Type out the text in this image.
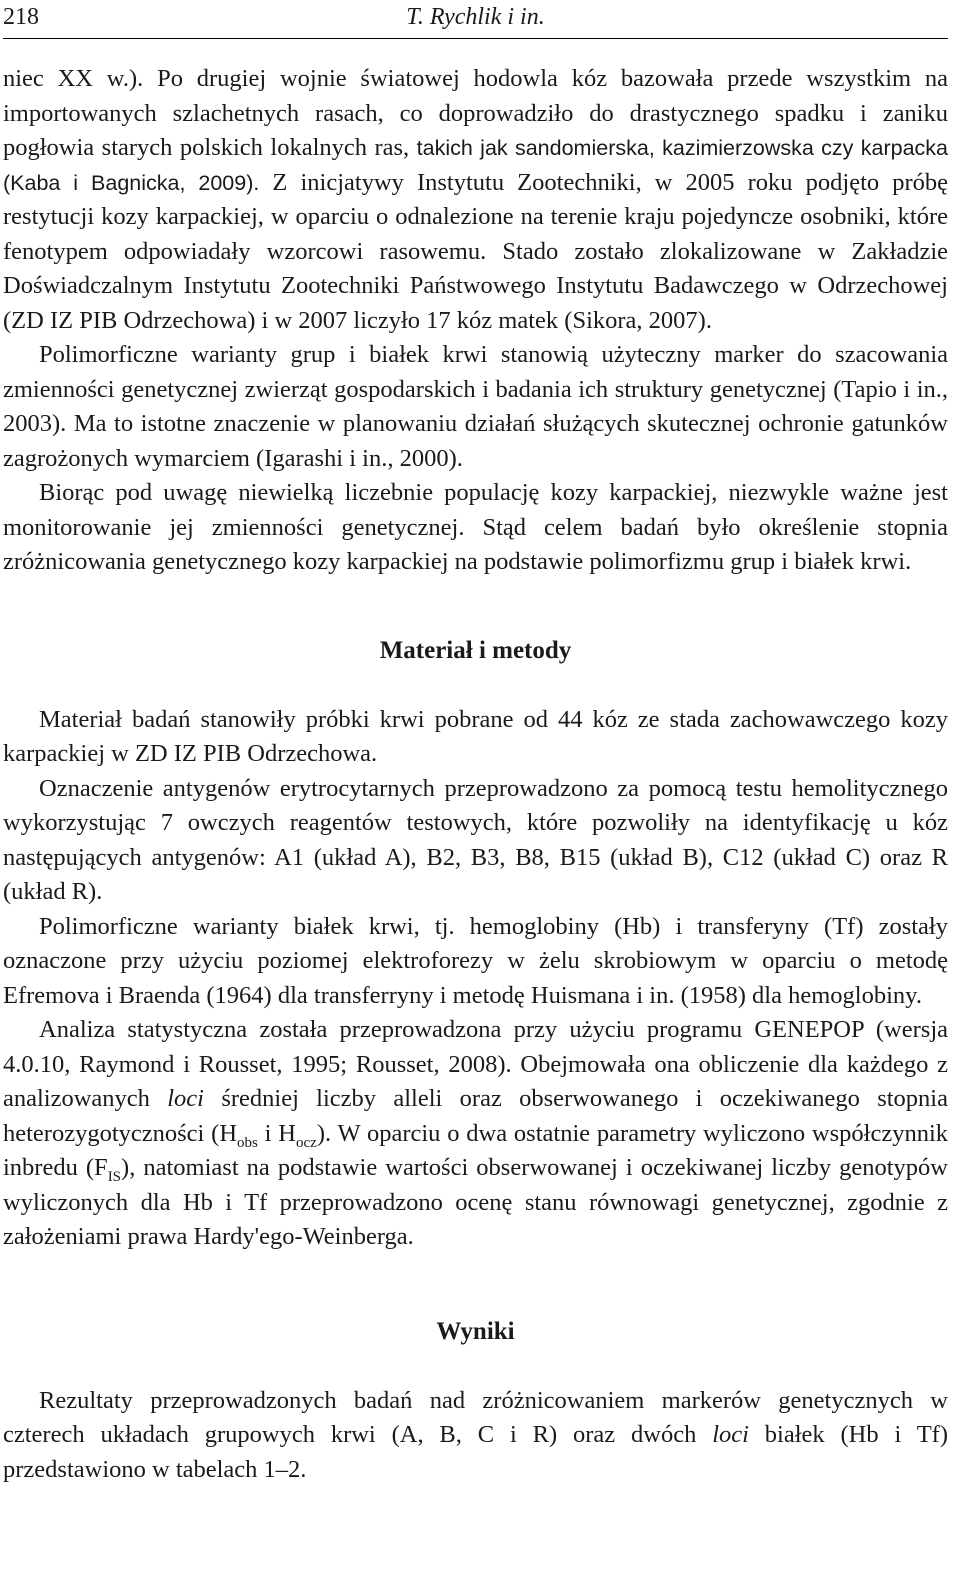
218	T. Rychlik i in.

niec XX w.). Po drugiej wojnie światowej hodowla kóz bazowała przede wszystkim na importowanych szlachetnych rasach, co doprowadziło do drastycznego spadku i zaniku pogłowia starych polskich lokalnych ras, takich jak sandomierska, kazimierzowska czy karpacka (Kaba i Bagnicka, 2009). Z inicjatywy Instytutu Zootechniki, w 2005 roku podjęto próbę restytucji kozy karpackiej, w oparciu o odnalezione na terenie kraju pojedyncze osobniki, które fenotypem odpowiadały wzorcowi rasowemu. Stado zostało zlokalizowane w Zakładzie Doświadczalnym Instytutu Zootechniki Państwowego Instytutu Badawczego w Odrzechowej (ZD IZ PIB Odrzechowa) i w 2007 liczyło 17 kóz matek (Sikora, 2007).

Polimorficzne warianty grup i białek krwi stanowią użyteczny marker do szacowania zmienności genetycznej zwierząt gospodarskich i badania ich struktury genetycznej (Tapio i in., 2003). Ma to istotne znaczenie w planowaniu działań służących skutecznej ochronie gatunków zagrożonych wymarciem (Igarashi i in., 2000).

Biorąc pod uwagę niewielką liczebnie populację kozy karpackiej, niezwykle ważne jest monitorowanie jej zmienności genetycznej. Stąd celem badań było określenie stopnia zróżnicowania genetycznego kozy karpackiej na podstawie polimorfizmu grup i białek krwi.

Materiał i metody

Materiał badań stanowiły próbki krwi pobrane od 44 kóz ze stada zachowawczego kozy karpackiej w ZD IZ PIB Odrzechowa.

Oznaczenie antygenów erytrocytarnych przeprowadzono za pomocą testu hemolitycznego wykorzystując 7 owczych reagentów testowych, które pozwoliły na identyfikację u kóz następujących antygenów: A1 (układ A), B2, B3, B8, B15 (układ B), C12 (układ C) oraz R (układ R).

Polimorficzne warianty białek krwi, tj. hemoglobiny (Hb) i transferyny (Tf) zostały oznaczone przy użyciu poziomej elektroforezy w żelu skrobiowym w oparciu o metodę Efremova i Braenda (1964) dla transferryny i metodę Huismana i in. (1958) dla hemoglobiny.

Analiza statystyczna została przeprowadzona przy użyciu programu GENEPOP (wersja 4.0.10, Raymond i Rousset, 1995; Rousset, 2008). Obejmowała ona obliczenie dla każdego z analizowanych loci średniej liczby alleli oraz obserwowanego i oczekiwanego stopnia heterozygotyczności ($H_{obs}$ i $H_{ocz}$). W oparciu o dwa ostatnie parametry wyliczono współczynnik inbredu $(F_{IS})$, natomiast na podstawie wartości obserwowanej i oczekiwanej liczby genotypów wyliczonych dla Hb i Tf przeprowadzono ocenę stanu równowagi genetycznej, zgodnie z założeniami prawa Hardy'ego-Weinberga.

Wyniki

Rezultaty przeprowadzonych badań nad zróżnicowaniem markerów genetycznych w czterech układach grupowych krwi (A, B, C i R) oraz dwóch loci białek (Hb i Tf) przedstawiono w tabelach 1–2.
